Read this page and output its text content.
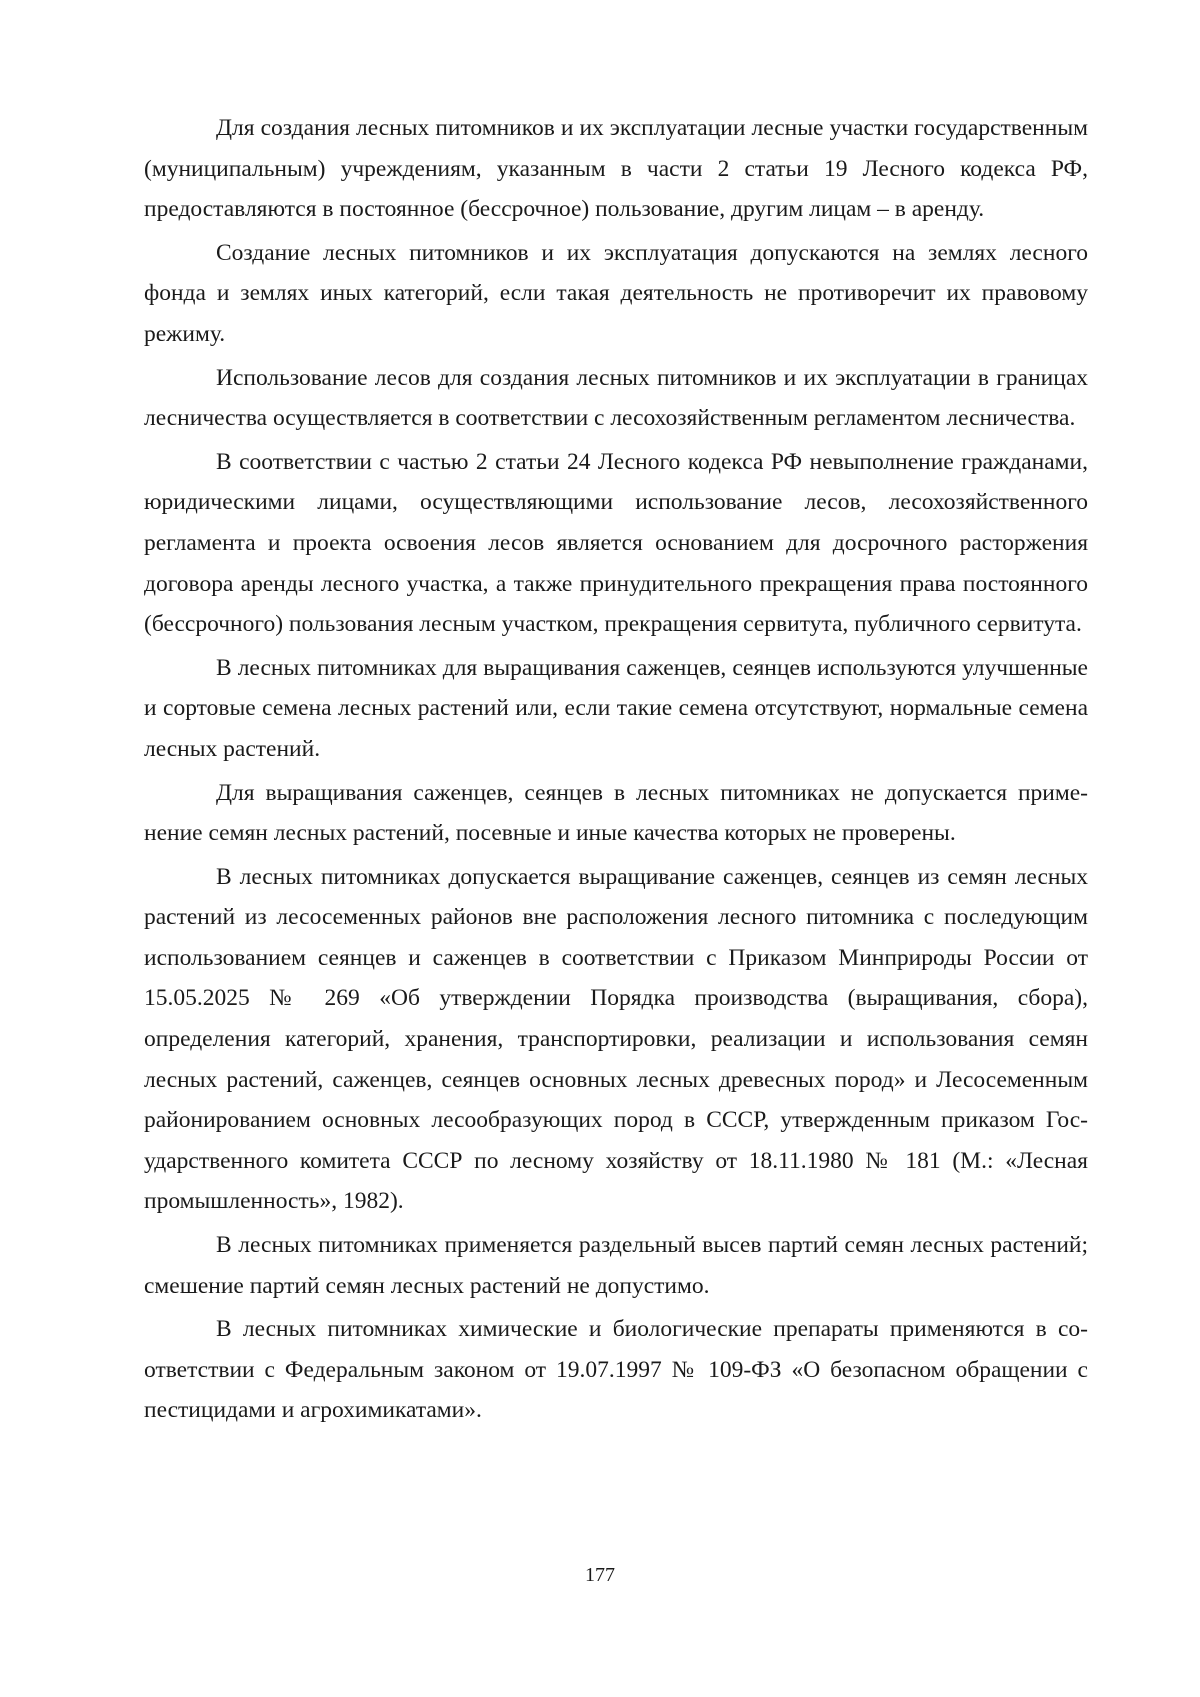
Для создания лесных питомников и их эксплуатации лесные участки государственным (муниципальным) учреждениям, указанным в части 2 статьи 19 Лесного кодекса РФ, предоставляются в постоянное (бессрочное) пользование, другим лицам – в аренду.

Создание лесных питомников и их эксплуатация допускаются на землях лесного фонда и землях иных категорий, если такая деятельность не противоречит их правовому режиму.

Использование лесов для создания лесных питомников и их эксплуатации в границах лесничества осуществляется в соответствии с лесохозяйственным регламентом лесничества.

В соответствии с частью 2 статьи 24 Лесного кодекса РФ невыполнение гражданами, юридическими лицами, осуществляющими использование лесов, лесохозяйственного регламента и проекта освоения лесов является основанием для досрочного расторжения договора аренды лесного участка, а также принудительного прекращения права постоянного (бессрочного) пользования лесным участком, прекращения сервитута, публичного сервитута.

В лесных питомниках для выращивания саженцев, сеянцев используются улучшенные и сортовые семена лесных растений или, если такие семена отсутствуют, нормальные семена лесных растений.

Для выращивания саженцев, сеянцев в лесных питомниках не допускается применение семян лесных растений, посевные и иные качества которых не проверены.

В лесных питомниках допускается выращивание саженцев, сеянцев из семян лесных растений из лесосеменных районов вне расположения лесного питомника с последующим использованием сеянцев и саженцев в соответствии с Приказом Минприроды России от 15.05.2025 № 269 «Об утверждении Порядка производства (выращивания, сбора), определения категорий, хранения, транспортировки, реализации и использования семян лесных растений, саженцев, сеянцев основных лесных древесных пород» и Лесосеменным районированием основных лесообразующих пород в СССР, утвержденным приказом Государственного комитета СССР по лесному хозяйству от 18.11.1980 № 181 (М.: «Лесная промышленность», 1982).

В лесных питомниках применяется раздельный высев партий семян лесных растений; смешение партий семян лесных растений не допустимо.

В лесных питомниках химические и биологические препараты применяются в соответствии с Федеральным законом от 19.07.1997 № 109-ФЗ «О безопасном обращении с пестицидами и агрохимикатами».

177
